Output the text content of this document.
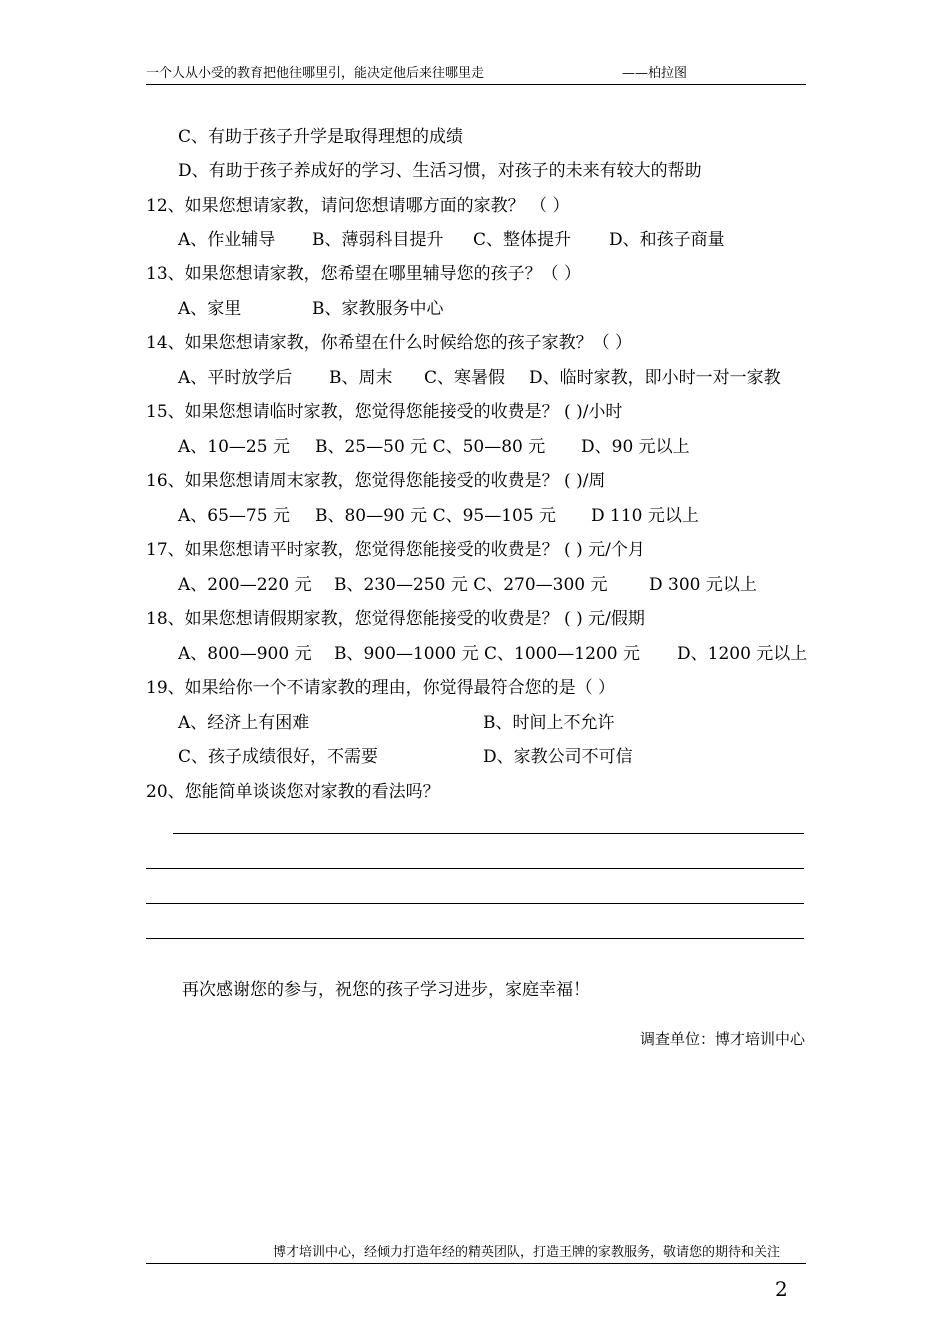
一个人从小受的教育把他往哪里引，能决定他后来往哪里走	——柏拉图
C、有助于孩子升学是取得理想的成绩
D、有助于孩子养成好的学习、生活习惯，对孩子的未来有较大的帮助
12、如果您想请家教，请问您想请哪方面的家教？ （ ）
A、作业辅导 B、薄弱科目提升 C、整体提升 D、和孩子商量
13、如果您想请家教，您希望在哪里辅导您的孩子？（ ）
A、家里	B、家教服务中心
14、如果您想请家教，你希望在什么时候给您的孩子家教？（ ）
A、平时放学后 B、周末 C、寒暑假 D、临时家教，即小时一对一家教
15、如果您想请临时家教，您觉得您能接受的收费是？ ( )/小时
A、10—25 元 B、25—50 元 C、50—80 元 D、90 元以上
16、如果您想请周末家教，您觉得您能接受的收费是？ ( )/周
A、65—75 元 B、80—90 元 C、95—105 元 D 110 元以上
17、如果您想请平时家教，您觉得您能接受的收费是？ ( ) 元/个月
A、200—220 元 B、230—250 元 C、270—300 元 D 300 元以上
18、如果您想请假期家教，您觉得您能接受的收费是？ ( ) 元/假期
A、800—900 元 B、900—1000 元 C、1000—1200 元 D、1200 元以上
19、如果给你一个不请家教的理由，你觉得最符合您的是（ ）
A、经济上有困难	B、时间上不允许
C、孩子成绩很好，不需要	D、家教公司不可信
20、您能简单谈谈您对家教的看法吗？
再次感谢您的参与，祝您的孩子学习进步，家庭幸福！
调查单位：博才培训中心
博才培训中心，经倾力打造年经的精英团队，打造王牌的家教服务，敬请您的期待和关注
2
